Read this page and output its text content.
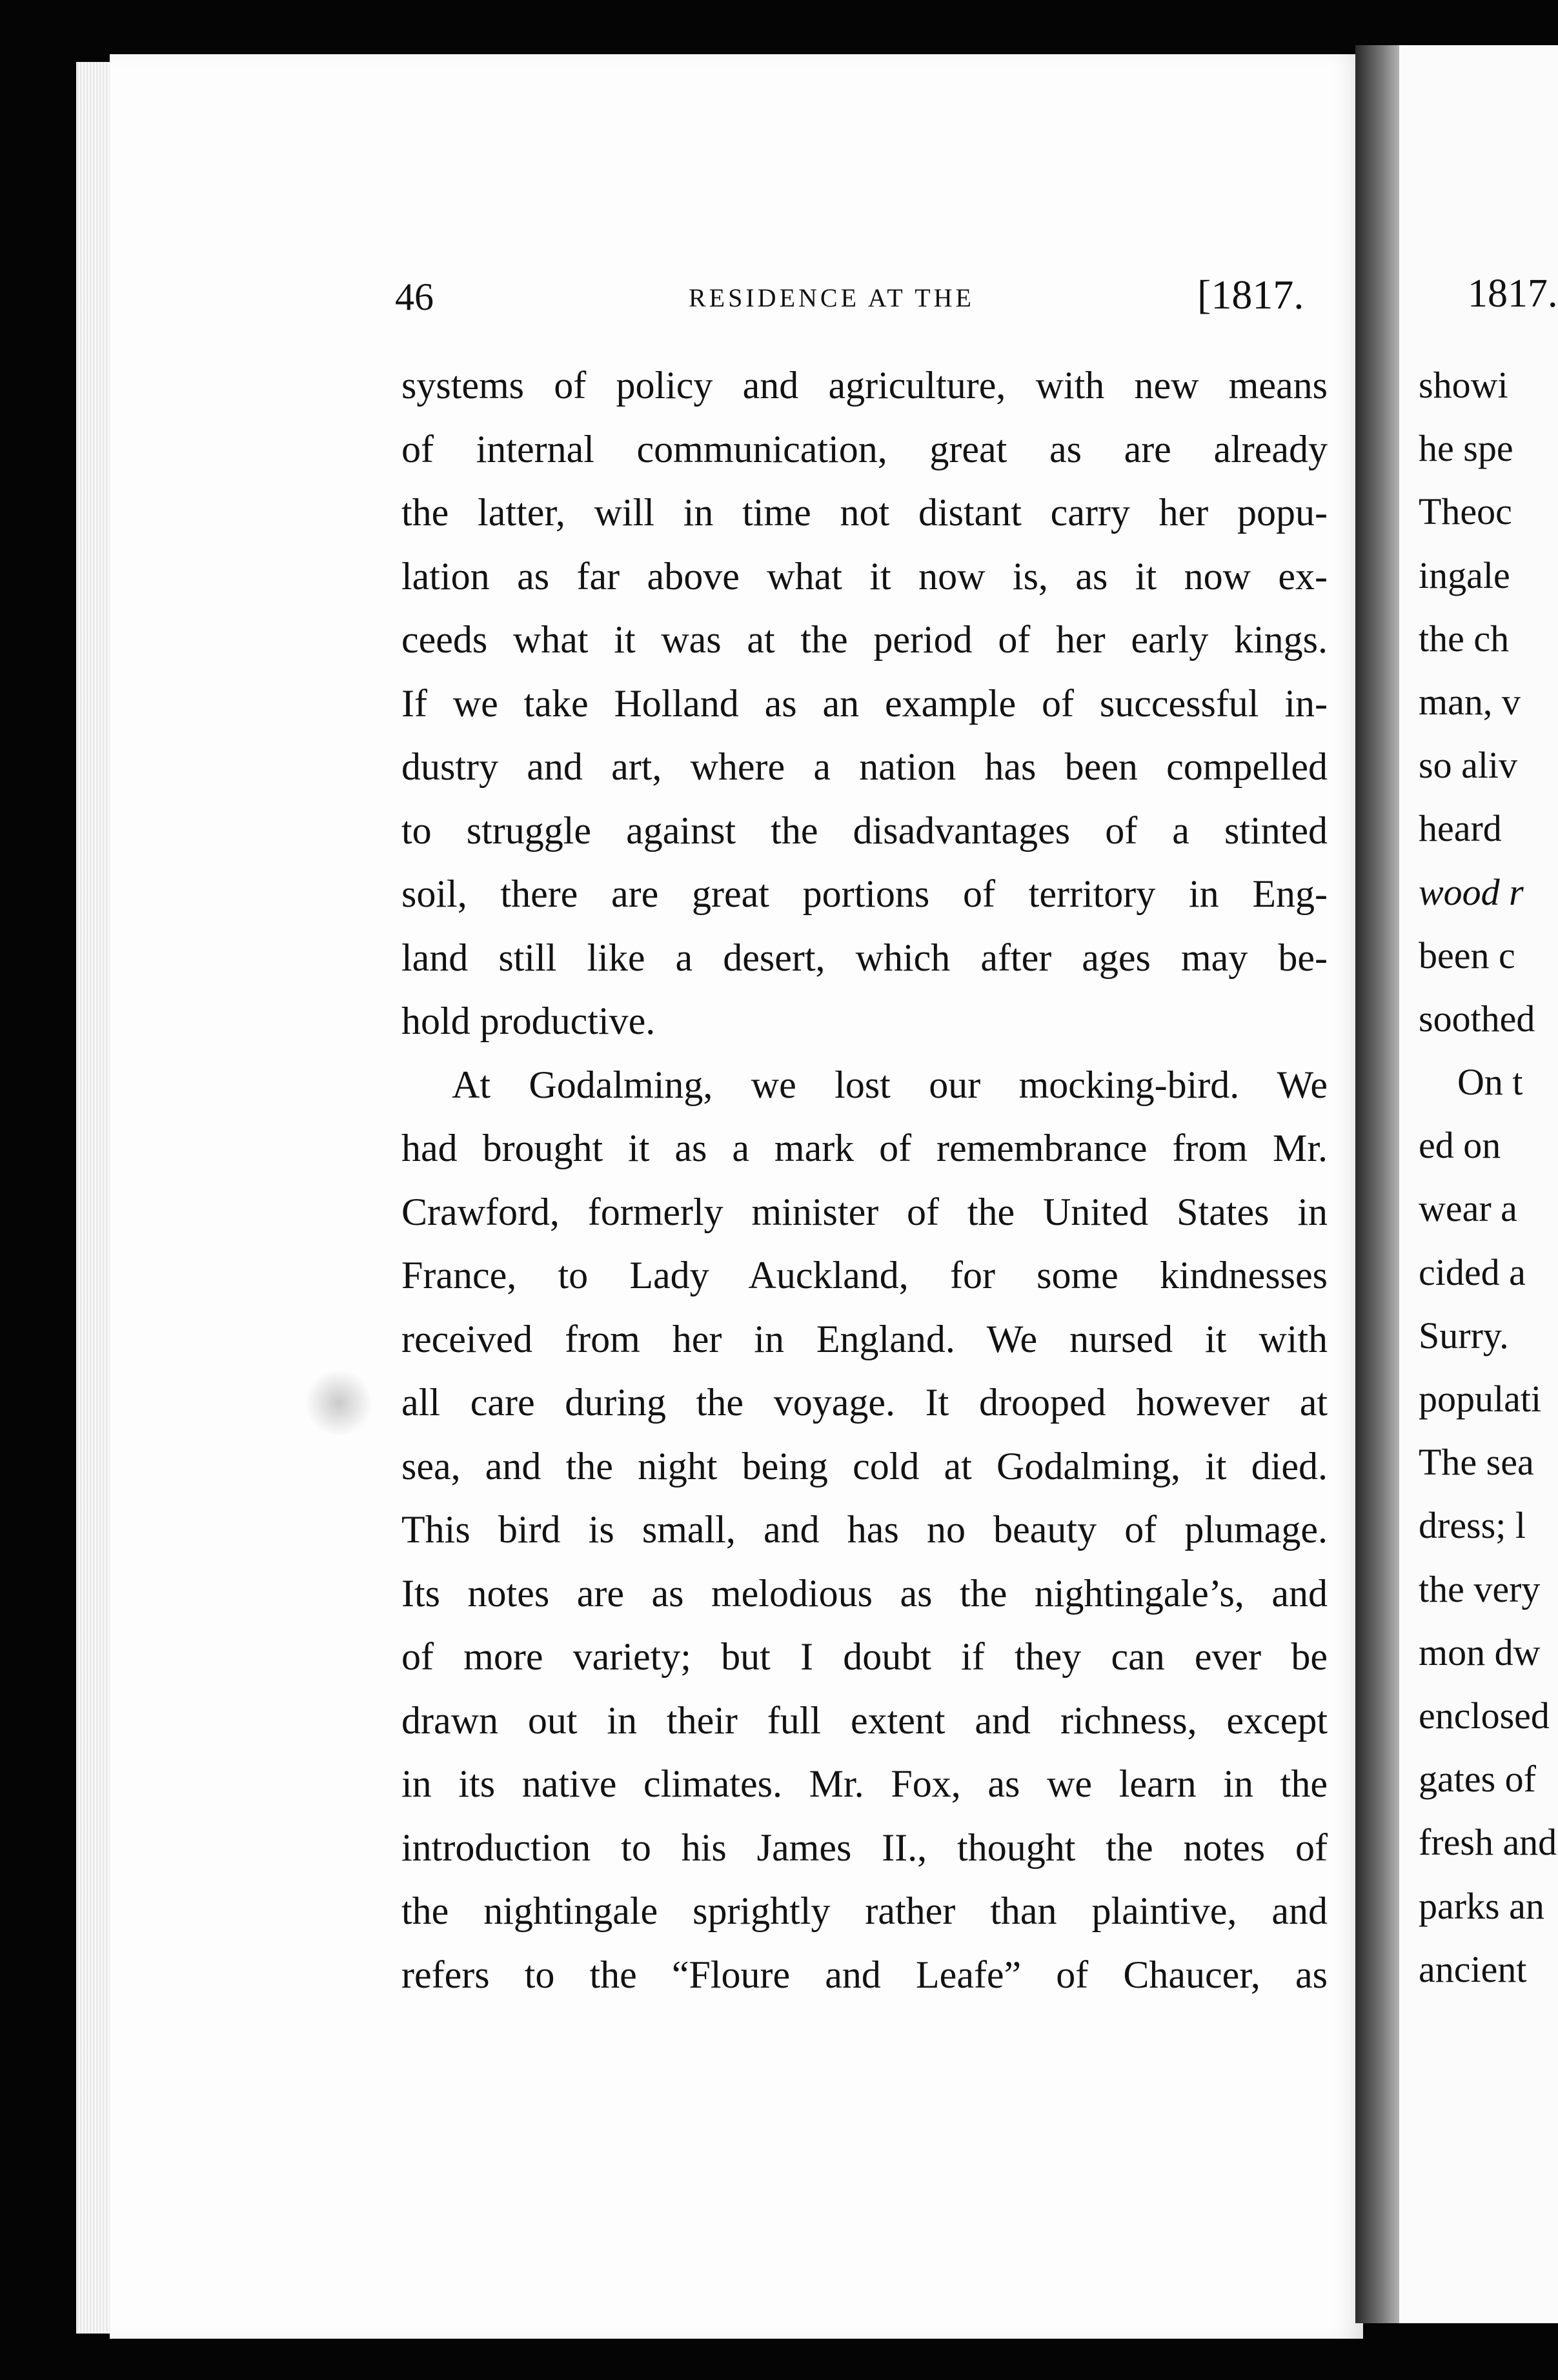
46	RESIDENCE AT THE	[1817.
systems of policy and agriculture, with new means
of internal communication, great as are already
the latter, will in time not distant carry her popu-
lation as far above what it now is, as it now ex-
ceeds what it was at the period of her early kings.
If we take Holland as an example of successful in-
dustry and art, where a nation has been compelled
to struggle against the disadvantages of a stinted
soil, there are great portions of territory in Eng-
land still like a desert, which after ages may be-
hold productive.
At Godalming, we lost our mocking-bird. We
had brought it as a mark of remembrance from Mr.
Crawford, formerly minister of the United States in
France, to Lady Auckland, for some kindnesses
received from her in England. We nursed it with
all care during the voyage. It drooped however at
sea, and the night being cold at Godalming, it died.
This bird is small, and has no beauty of plumage.
Its notes are as melodious as the nightingale’s, and
of more variety; but I doubt if they can ever be
drawn out in their full extent and richness, except
in its native climates. Mr. Fox, as we learn in the
introduction to his James II., thought the notes of
the nightingale sprightly rather than plaintive, and
refers to the “Floure and Leafe” of Chaucer, as
1817.
showi
he spe
Theoc
ingale
the ch
man, v
so aliv
heard
wood r
been c
soothed
On t
ed on
wear a
cided a
Surry.
populati
The sea
dress; l
the very
mon dw
enclosed
gates of
fresh and
parks an
ancient
